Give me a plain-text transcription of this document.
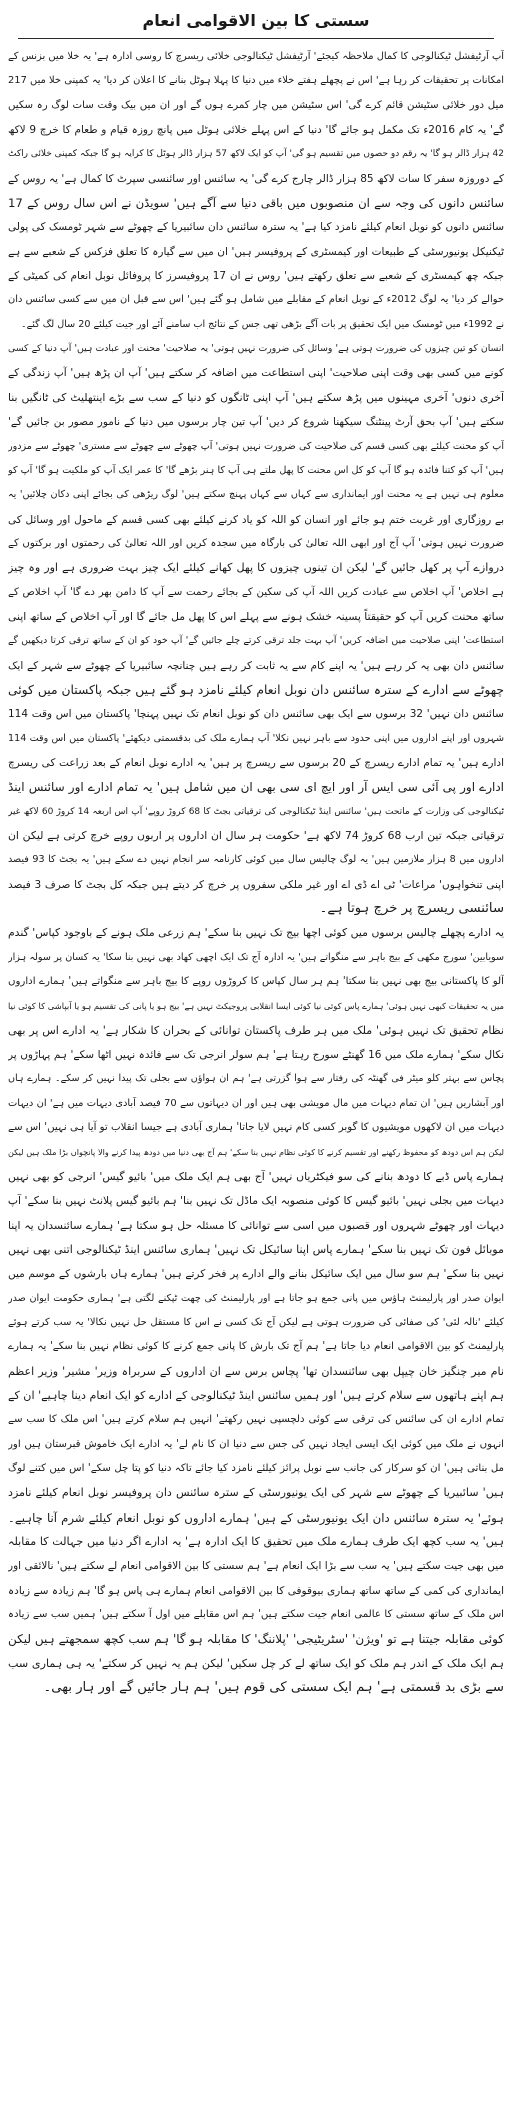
سستی کا بین الاقوامی انعام
آپ آرٹیفشل ٹیکنالوجی کا کمال ملاحظہ کیجئے' آرٹیفشل ٹیکنالوجی خلائی ریسرچ کا روسی ادارہ ہے' یہ خلا میں بزنس کے
امکانات پر تحقیقات کر رہا ہے' اس نے پچھلے ہفتے خلاء میں دنیا کا پہلا ہوٹل بنانے کا اعلان کر دیا' یہ کمپنی خلا میں 217
میل دور خلائی سٹیشن قائم کرے گی' اس سٹیشن میں چار کمرے ہوں گے اور ان میں بیک وقت سات لوگ رہ سکیں
گے' یہ کام 2016ء تک مکمل ہو جائے گا' دنیا کے اس پہلے خلائی ہوٹل میں پانچ روزہ قیام و طعام کا خرچ 9 لاکھ
42 ہزار ڈالر ہو گا' یہ رقم دو حصوں میں تقسیم ہو گی' آپ کو ایک لاکھ 57 ہزار ڈالر ہوٹل کا کرایہ ہو گا جبکہ کمپنی خلائی راکٹ
کے دوروزہ سفر کا سات لاکھ 85 ہزار ڈالر چارج کرے گی' یہ سائنس اور سائنسی سپرٹ کا کمال ہے' یہ روس کے
سائنس دانوں کی وجہ سے ان منصوبوں میں باقی دنیا سے آگے ہیں' سویڈن نے اس سال روس کے 17
سائنس دانوں کو نوبل انعام کیلئے نامزد کیا ہے' یہ سترہ سائنس دان سائبیریا کے چھوٹے سے شہر ٹومسک کی پولی
ٹیکنیکل یونیورسٹی کے طبیعات اور کیمسٹری کے پروفیسر ہیں' ان میں سے گیارہ کا تعلق فزکس کے شعبے سے ہے
جبکہ چھ کیمسٹری کے شعبے سے تعلق رکھتے ہیں' روس نے ان 17 پروفیسرز کا پروفائل نوبل انعام کی کمیٹی کے
حوالے کر دیا' یہ لوگ 2012ء کے نوبل انعام کے مقابلے میں شامل ہو گئے ہیں' اس سے قبل ان میں سے کسی سائنس دان
نے 1992ء میں ٹومسک میں ایک تحقیق پر بات آگے بڑھی تھی جس کے نتائج اب سامنے آئے اور جیت کیلئے 20 سال لگ گئے۔
انسان کو تین چیزوں کی ضرورت ہوتی ہے' وسائل کی ضرورت نہیں ہوتی' یہ صلاحیت' محنت اور عبادت ہیں' آپ دنیا کے کسی
کونے میں کسی بھی وقت اپنی صلاحیت' اپنی استطاعت میں اضافہ کر سکتے ہیں' آپ ان پڑھ ہیں' آپ زندگی کے
آخری دنوں' آخری مہینوں میں پڑھ سکتے ہیں' آپ اپنی ٹانگوں کو دنیا کے سب سے بڑے اینتھلیٹ کی ٹانگیں بنا
سکتے ہیں' آپ بحق آرٹ پینٹنگ سیکھنا شروع کر دیں' آپ تین چار برسوں میں دنیا کے نامور مصور بن جائیں گے'
آپ کو محنت کیلئے بھی کسی قسم کی صلاحیت کی ضرورت نہیں ہوتی' آپ چھوٹے سے چھوٹے سے مستری' چھوٹے سے مزدور
ہیں' آپ کو کتنا فائدہ ہو گا آپ کو کل اس محنت کا پھل ملتے ہی آپ کا ہنر بڑھے گا' کا عمر ایک آپ کو ملکیت ہو گا' آپ کو
معلوم ہی نہیں ہے یہ محنت اور ایمانداری سے کہاں سے کہاں پہنچ سکتے ہیں' لوگ ریڑھی کی بجائے اپنی دکان چلائیں' یہ
بے روزگاری اور غربت ختم ہو جائے اور انسان کو اللہ کو یاد کرنے کیلئے بھی کسی قسم کے ماحول اور وسائل کی
ضرورت نہیں ہوتی' آپ آج اور ابھی اللہ تعالیٰ کی بارگاہ میں سجدہ کریں اور اللہ تعالیٰ کی رحمتوں اور برکتوں کے
دروازے آپ پر کھل جائیں گے' لیکن ان تینوں چیزوں کا پھل کھانے کیلئے ایک چیز بہت ضروری ہے اور وہ چیز
ہے اخلاص' آپ اخلاص سے عبادت کریں اللہ آپ کی سکین کے بجائے رحمت سے آپ کا دامن بھر دے گا' آپ اخلاص کے
ساتھ محنت کریں آپ کو حقیقتاً پسینہ خشک ہونے سے پہلے اس کا پھل مل جائے گا اور آپ اخلاص کے ساتھ اپنی
استطاعت' اپنی صلاحیت میں اضافہ کریں' آپ بہت جلد ترقی کرتے چلے جائیں گے' آپ خود کو ان کے ساتھ ترقی کرتا دیکھیں گے
سائنس دان بھی یہ کر رہے ہیں' یہ اپنے کام سے یہ ثابت کر رہے ہیں چنانچہ سائبیریا کے چھوٹے سے شہر کے ایک
چھوٹے سے ادارے کے سترہ سائنس دان نوبل انعام کیلئے نامزد ہو گئے ہیں جبکہ پاکستان میں کوئی
سائنس دان نہیں' 32 برسوں سے ایک بھی سائنس دان کو نوبل انعام تک نہیں پہنچا' پاکستان میں اس وقت 114
شہروں اور اپنے اداروں میں اپنی حدود سے باہر نہیں نکلا' آپ ہمارے ملک کی بدقسمتی دیکھئے' پاکستان میں اس وقت 114
ادارے ہیں' یہ تمام ادارے ریسرچ کے 20 برسوں سے ریسرچ پر ہیں' یہ ادارے نوبل انعام کے بعد زراعت کی ریسرچ
ادارے اور پی آئی سی ایس آر اور ایچ ای سی بھی ان میں شامل ہیں' یہ تمام ادارے اور سائنس اینڈ
ٹیکنالوجی کی وزارت کے ماتحت ہیں' سائنس اینڈ ٹیکنالوجی کی ترقیاتی بجٹ کا 68 کروڑ روپے' آپ اس اربعہ 14 کروڑ 60 لاکھ غیر
ترقیاتی جبکہ تین ارب 68 کروڑ 74 لاکھ ہے' حکومت ہر سال ان اداروں پر اربوں روپے خرچ کرتی ہے لیکن ان
اداروں میں 8 ہزار ملازمین ہیں' یہ لوگ چالیس سال میں کوئی کارنامہ سر انجام نہیں دے سکے ہیں' یہ بجٹ کا 93 فیصد
اپنی تنخواہوں' مراعات' ٹی اے ڈی اے اور غیر ملکی سفروں پر خرچ کر دیتے ہیں جبکہ کل بجٹ کا صرف 3 فیصد
سائنسی ریسرچ پر خرچ ہوتا ہے۔
یہ ادارے پچھلے چالیس برسوں میں کوئی اچھا بیج تک نہیں بنا سکے' ہم زرعی ملک ہونے کے باوجود کپاس' گندم
سویابین' سورج مکھی کے بیج باہر سے منگواتے ہیں' یہ ادارہ آج تک ایک اچھی کھاد بھی نہیں بنا سکا' یہ کسان پر سولہ ہزار
آلو کا پاکستانی بیج بھی نہیں بنا سکتا' ہم ہر سال کپاس کا کروڑوں روپے کا بیج باہر سے منگواتے ہیں' ہمارے اداروں
میں یہ تحقیقات کبھی نہیں ہوئی' ہمارے پاس کوئی نیا کوئی ایسا انقلابی پروجیکٹ نہیں ہے' بیج ہو یا پانی کی تقسیم ہو یا آبپاشی کا کوئی نیا
نظام تحقیق تک نہیں ہوئی' ملک میں ہر طرف پاکستان توانائی کے بحران کا شکار ہے' یہ ادارے اس پر بھی
نکال سکے' ہمارے ملک میں 16 گھنٹے سورج رہتا ہے' ہم سولر انرجی تک سے فائدہ نہیں اٹھا سکے' ہم پہاڑوں پر
پچاس سے بہتر کلو میٹر فی گھنٹہ کی رفتار سے ہوا گزرتی ہے' ہم ان ہواؤں سے بجلی تک پیدا نہیں کر سکے۔ ہمارے ہاں
اور آبشاریں ہیں' ان تمام دیہات میں مال مویشی بھی ہیں اور ان دیہاتوں سے 70 فیصد آبادی دیہات میں ہے' ان دیہات
دیہات میں ان لاکھوں مویشیوں کا گوبر کسی کام نہیں لایا جاتا' ہماری آبادی ہے جیسا انقلاب تو آیا ہی نہیں' اس سے
لیکن ہم اس دودھ کو محفوظ رکھنے اور تقسیم کرنے کا کوئی نظام نہیں بنا سکے' ہم آج بھی دنیا میں دودھ پیدا کرنے والا پانچواں بڑا ملک ہیں لیکن
ہمارے پاس ڈبے کا دودھ بنانے کی سو فیکٹریاں نہیں' آج بھی ہم ایک ملک میں' بائیو گیس' انرجی کو بھی نہیں
دیہات میں بجلی نہیں' بائیو گیس کا کوئی منصوبہ ایک ماڈل تک نہیں بنا' ہم بائیو گیس پلانٹ نہیں بنا سکے' آپ
دیہات اور چھوٹے شہروں اور قصبوں میں اسی سے توانائی کا مسئلہ حل ہو سکتا ہے' ہمارے سائنسدان یہ اپنا
موبائل فون تک نہیں بنا سکے' ہمارے پاس اپنا سائیکل تک نہیں' ہماری سائنس اینڈ ٹیکنالوجی اتنی بھی نہیں
نہیں بنا سکے' ہم سو سال میں ایک سائیکل بنانے والے ادارے پر فخر کرتے ہیں' ہمارے ہاں بارشوں کے موسم میں
ایوان صدر اور پارلیمنٹ ہاؤس میں پانی جمع ہو جاتا ہے اور پارلیمنٹ کی چھت ٹپکنے لگتی ہے' ہماری حکومت ایوان صدر
کیلئے 'نالہ لئی' کی صفائی کی ضرورت ہوتی ہے لیکن آج تک کسی نے اس کا مستقل حل نہیں نکالا' یہ سب کرتے ہوئے
پارلیمنٹ کو بین الاقوامی انعام دیا جاتا ہے' ہم آج تک بارش کا پانی جمع کرنے کا کوئی نظام نہیں بنا سکے' یہ ہمارے
نام میر چنگیز خان چیپل بھی سائنسدان تھا' پچاس برس سے ان اداروں کے سربراہ وزیر' مشیر' وزیر اعظم
ہم اپنے ہاتھوں سے سلام کرتے ہیں' اور ہمیں سائنس اینڈ ٹیکنالوجی کے ادارے کو ایک انعام دینا چاہیے' ان کے
تمام ادارے ان کی سائنس کی ترقی سے کوئی دلچسپی نہیں رکھتے' انہیں ہم سلام کرتے ہیں' اس ملک کا سب سے
انہوں نے ملک میں کوئی ایک ایسی ایجاد نہیں کی جس سے دنیا ان کا نام لے' یہ ادارے ایک خاموش قبرستان ہیں اور
مل بناتی ہیں' ان کو سرکار کی جانب سے نوبل پرائز کیلئے نامزد کیا جائے تاکہ دنیا کو پتا چل سکے' اس میں کتنے لوگ
ہیں' سائبیریا کے چھوٹے سے شہر کی ایک یونیورسٹی کے سترہ سائنس دان پروفیسر نوبل انعام کیلئے نامزد
ہوئے' یہ سترہ سائنس دان ایک یونیورسٹی کے ہیں' ہمارے اداروں کو نوبل انعام کیلئے شرم آنا چاہیے۔
ہیں' یہ سب کچھ ایک طرف ہمارے ملک میں تحقیق کا ایک ادارہ ہے' یہ ادارے اگر دنیا میں جہالت کا مقابلہ
میں بھی جیت سکتے ہیں' یہ سب سے بڑا ایک انعام ہے' ہم سستی کا بین الاقوامی انعام لے سکتے ہیں' نالائقی اور
ایمانداری کی کمی کے ساتھ ساتھ ہماری بیوقوفی کا بین الاقوامی انعام ہمارے ہی پاس ہو گا' ہم زیادہ سے زیادہ
اس ملک کے ساتھ سستی کا عالمی انعام جیت سکتے ہیں' ہم اس مقابلے میں اول آ سکتے ہیں' ہمیں سب سے زیادہ
کوئی مقابلہ جیتنا ہے تو 'ویژن' 'سٹریٹیجی' 'پلاننگ' کا مقابلہ ہو گا' ہم سب کچھ سمجھتے ہیں لیکن
ہم ایک ملک کے اندر ہم ملک کو ایک ساتھ لے کر چل سکیں' لیکن ہم یہ نہیں کر سکتے' یہ ہی ہماری سب
سے بڑی بد قسمتی ہے' ہم ایک سستی کی قوم ہیں' ہم ہار جائیں گے اور ہار بھی۔
